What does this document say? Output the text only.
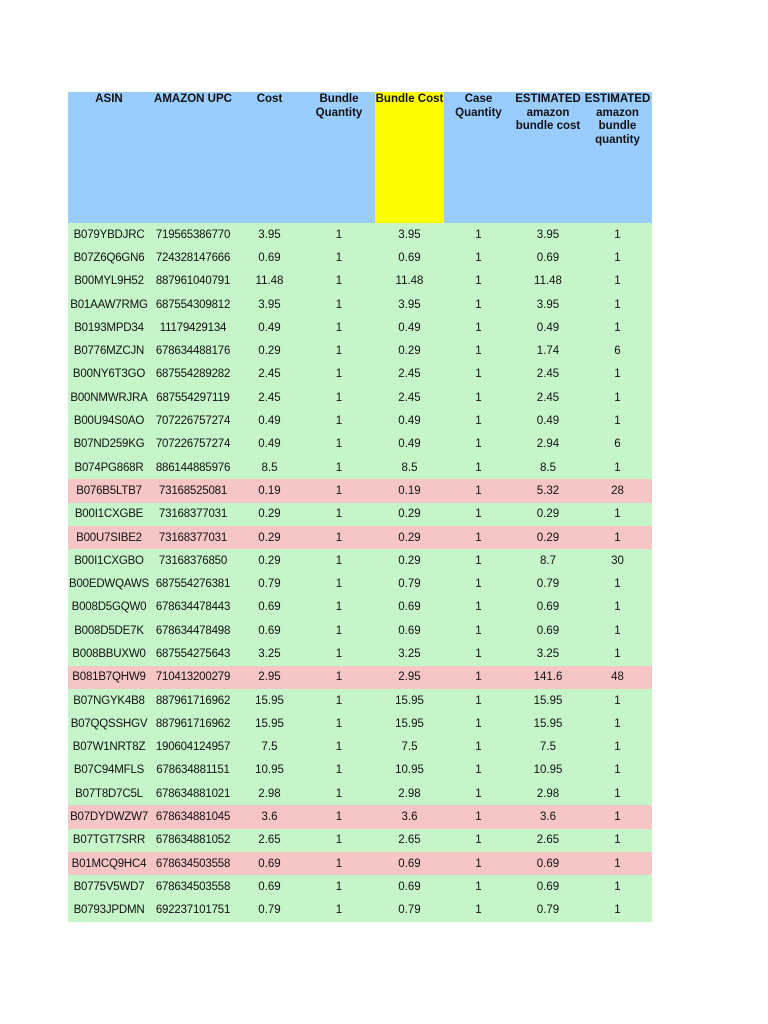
ASIN	AMAZON UPC	Cost	Bundle Quantity	Bundle Cost	Case Quantity	ESTIMATED amazon bundle cost	ESTIMATED amazon bundle quantity
B079YBDJRC	719565386770	3.95	1	3.95	1	3.95	1
B07Z6Q6GN6	724328147666	0.69	1	0.69	1	0.69	1
B00MYL9H52	887961040791	11.48	1	11.48	1	11.48	1
B01AAW7RMG	687554309812	3.95	1	3.95	1	3.95	1
B0193MPD34	11179429134	0.49	1	0.49	1	0.49	1
B0776MZCJN	678634488176	0.29	1	0.29	1	1.74	6
B00NY6T3GO	687554289282	2.45	1	2.45	1	2.45	1
B00NMWRJRA	687554297119	2.45	1	2.45	1	2.45	1
B00U94S0AO	707226757274	0.49	1	0.49	1	0.49	1
B07ND259KG	707226757274	0.49	1	0.49	1	2.94	6
B074PG868R	886144885976	8.5	1	8.5	1	8.5	1
B076B5LTB7	73168525081	0.19	1	0.19	1	5.32	28
B00I1CXGBE	73168377031	0.29	1	0.29	1	0.29	1
B00U7SIBE2	73168377031	0.29	1	0.29	1	0.29	1
B00I1CXGBO	73168376850	0.29	1	0.29	1	8.7	30
B00EDWQAWS	687554276381	0.79	1	0.79	1	0.79	1
B008D5GQW0	678634478443	0.69	1	0.69	1	0.69	1
B008D5DE7K	678634478498	0.69	1	0.69	1	0.69	1
B008BBUXW0	687554275643	3.25	1	3.25	1	3.25	1
B081B7QHW9	710413200279	2.95	1	2.95	1	141.6	48
B07NGYK4B8	887961716962	15.95	1	15.95	1	15.95	1
B07QQSSHGV	887961716962	15.95	1	15.95	1	15.95	1
B07W1NRT8Z	190604124957	7.5	1	7.5	1	7.5	1
B07C94MFLS	678634881151	10.95	1	10.95	1	10.95	1
B07T8D7C5L	678634881021	2.98	1	2.98	1	2.98	1
B07DYDWZW7	678634881045	3.6	1	3.6	1	3.6	1
B07TGT7SRR	678634881052	2.65	1	2.65	1	2.65	1
B01MCQ9HC4	678634503558	0.69	1	0.69	1	0.69	1
B0775V5WD7	678634503558	0.69	1	0.69	1	0.69	1
B0793JPDMN	692237101751	0.79	1	0.79	1	0.79	1
